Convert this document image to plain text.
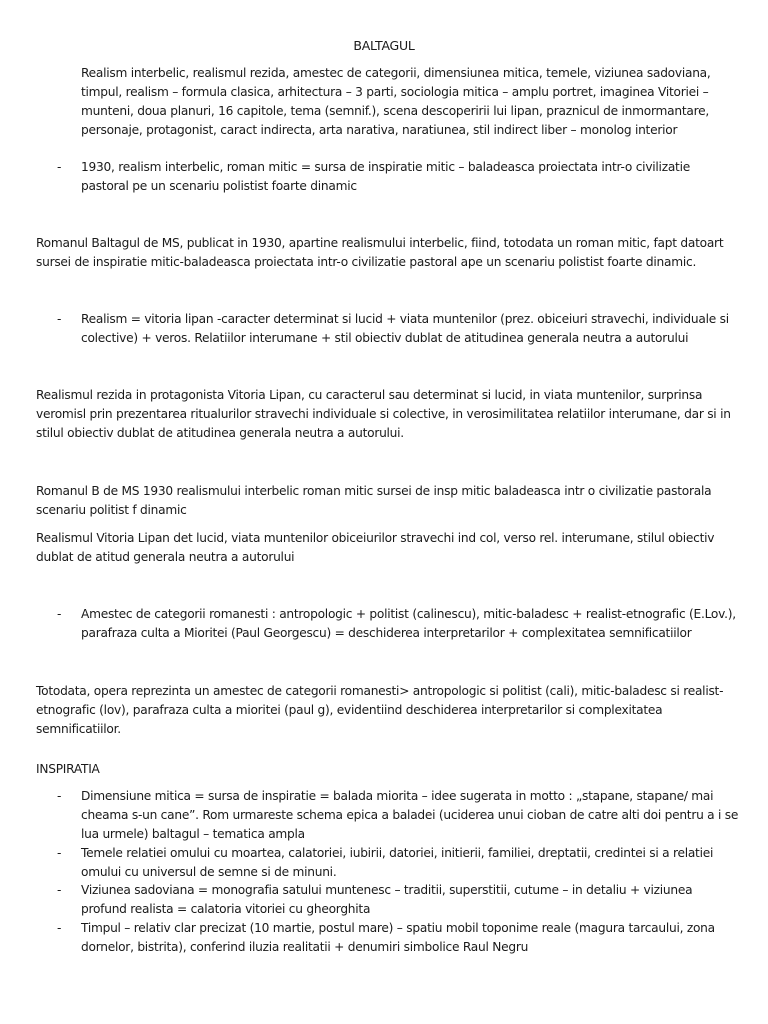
BALTAGUL

Realism interbelic, realismul rezida, amestec de categorii, dimensiunea mitica, temele, viziunea sadoviana, timpul, realism – formula clasica, arhitectura – 3 parti, sociologia mitica – amplu portret, imaginea Vitoriei – munteni, doua planuri, 16 capitole, tema (semnif.), scena descoperirii lui lipan, praznicul de inmormantare, personaje, protagonist, caract indirecta, arta narativa, naratiunea, stil indirect liber – monolog interior

- 1930, realism interbelic, roman mitic = sursa de inspiratie mitic – baladeasca proiectata intr-o civilizatie pastoral pe un scenariu polistist foarte dinamic

Romanul Baltagul de MS, publicat in 1930, apartine realismului interbelic, fiind, totodata un roman mitic, fapt datoart sursei de inspiratie mitic-baladeasca proiectata intr-o civilizatie pastoral ape un scenariu polistist foarte dinamic.

- Realism = vitoria lipan -caracter determinat si lucid + viata muntenilor (prez. obiceiuri stravechi, individuale si colective) + veros. Relatiilor interumane + stil obiectiv dublat de atitudinea generala neutra a autorului

Realismul rezida in protagonista Vitoria Lipan, cu caracterul sau determinat si lucid, in viata muntenilor, surprinsa veromisl prin prezentarea ritualurilor stravechi individuale si colective, in verosimilitatea relatiilor interumane, dar si in stilul obiectiv dublat de atitudinea generala neutra a autorului.

Romanul B de MS 1930 realismului interbelic roman mitic sursei de insp mitic baladeasca intr o civilizatie pastorala scenariu politist f dinamic

Realismul Vitoria Lipan det lucid, viata muntenilor obiceiurilor stravechi ind col, verso rel. interumane, stilul obiectiv dublat de atitud generala neutra a autorului

- Amestec de categorii romanesti : antropologic + politist (calinescu), mitic-baladesc + realist-etnografic (E.Lov.), parafraza culta a Mioritei (Paul Georgescu) = deschiderea interpretarilor + complexitatea semnificatiilor

Totodata, opera reprezinta un amestec de categorii romanesti> antropologic si politist (cali), mitic-baladesc si realist-etnografic (lov), parafraza culta a mioritei (paul g), evidentiind deschiderea interpretarilor si complexitatea semnificatiilor.

INSPIRATIA

- Dimensiune mitica = sursa de inspiratie = balada miorita – idee sugerata in motto : „stapane, stapane/ mai cheama s-un cane”. Rom urmareste schema epica a baladei (uciderea unui cioban de catre alti doi pentru a i se lua urmele) baltagul – tematica ampla
- Temele relatiei omului cu moartea, calatoriei, iubirii, datoriei, initierii, familiei, dreptatii, credintei si a relatiei omului cu universul de semne si de minuni.
- Viziunea sadoviana = monografia satului muntenesc – traditii, superstitii, cutume – in detaliu + viziunea profund realista = calatoria vitoriei cu gheorghita
- Timpul – relativ clar precizat (10 martie, postul mare) – spatiu mobil toponime reale (magura tarcaului, zona dornelor, bistrita), conferind iluzia realitatii + denumiri simbolice Raul Negru
